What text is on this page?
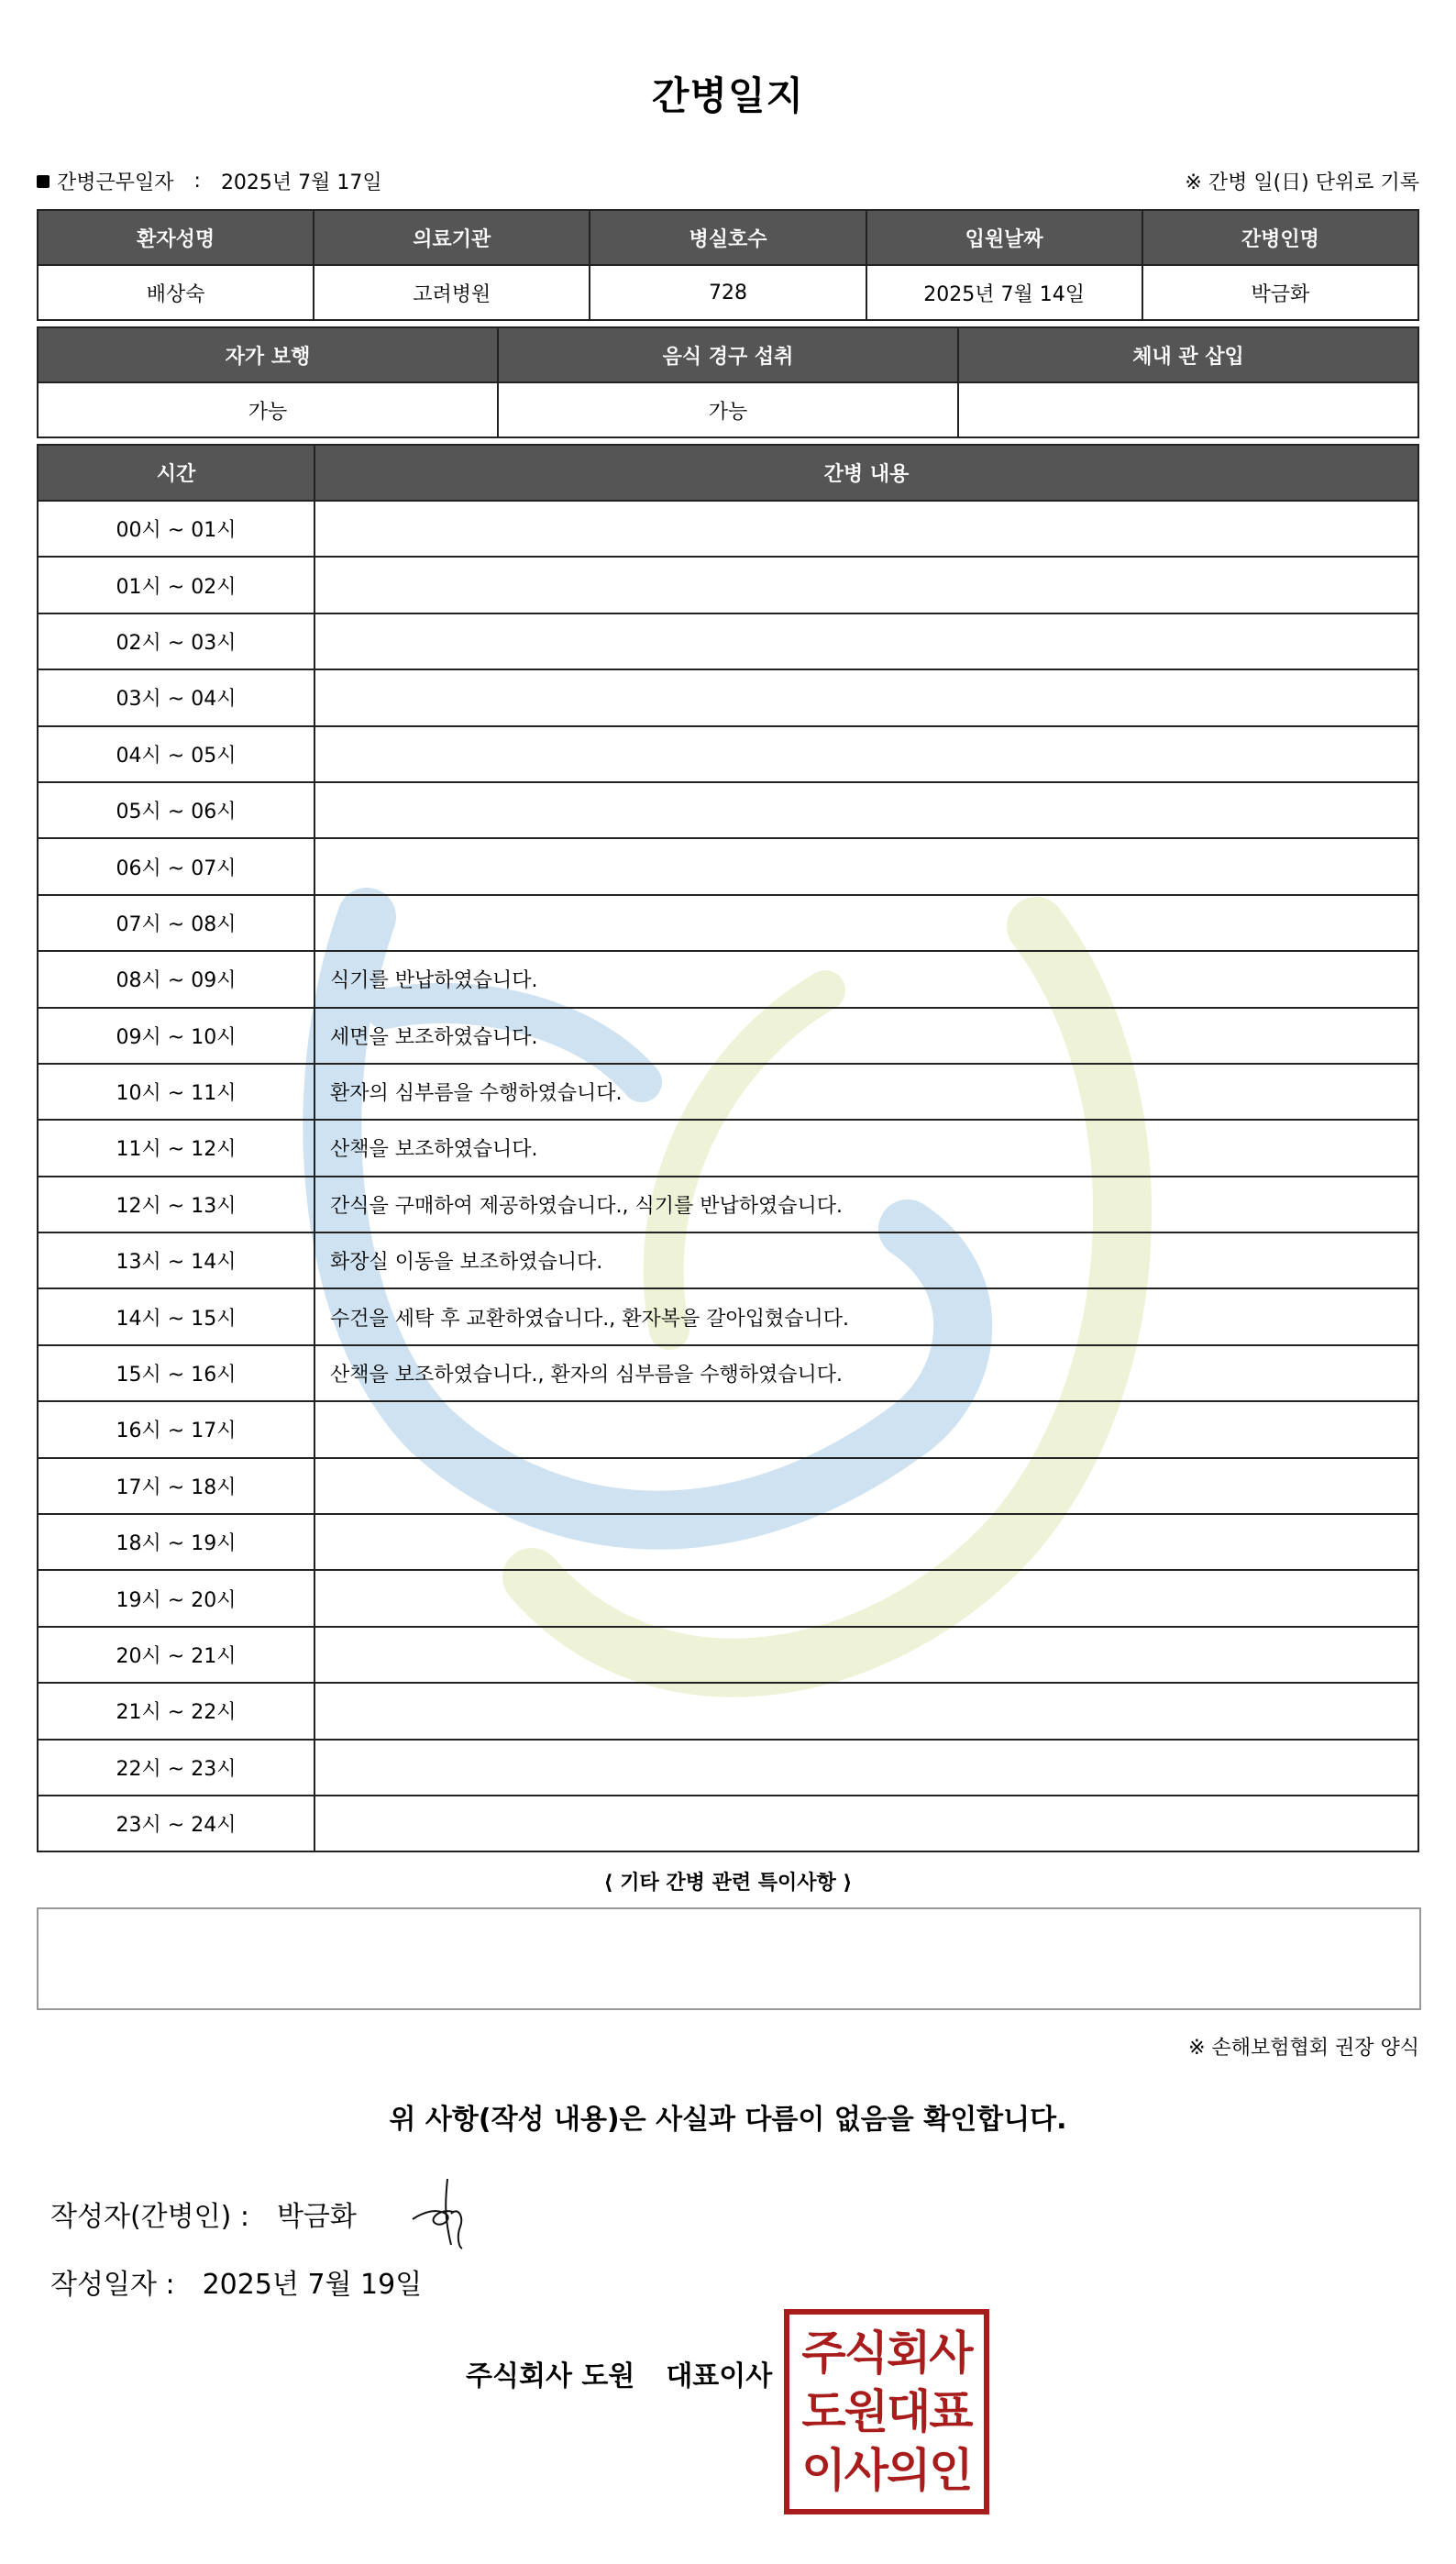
간병일지
간병근무일자 : 2025년 7월 17일	※ 간병 일(日) 단위로 기록
환자성명	의료기관	병실호수	입원날짜	간병인명
배상숙	고려병원	728	2025년 7월 14일	박금화
자가 보행	음식 경구 섭취	체내 관 삽입
가능	가능	
시간	간병 내용
00시 ~ 01시	
01시 ~ 02시	
02시 ~ 03시	
03시 ~ 04시	
04시 ~ 05시	
05시 ~ 06시	
06시 ~ 07시	
07시 ~ 08시	
08시 ~ 09시	식기를 반납하였습니다.
09시 ~ 10시	세면을 보조하였습니다.
10시 ~ 11시	환자의 심부름을 수행하였습니다.
11시 ~ 12시	산책을 보조하였습니다.
12시 ~ 13시	간식을 구매하여 제공하였습니다., 식기를 반납하였습니다.
13시 ~ 14시	화장실 이동을 보조하였습니다.
14시 ~ 15시	수건을 세탁 후 교환하였습니다., 환자복을 갈아입혔습니다.
15시 ~ 16시	산책을 보조하였습니다., 환자의 심부름을 수행하였습니다.
16시 ~ 17시	
17시 ~ 18시	
18시 ~ 19시	
19시 ~ 20시	
20시 ~ 21시	
21시 ~ 22시	
22시 ~ 23시	
23시 ~ 24시	
⟨ 기타 간병 관련 특이사항 ⟩
※ 손해보험협회 권장 양식
위 사항(작성 내용)은 사실과 다름이 없음을 확인합니다.
작성자(간병인) : 박금화
작성일자 : 2025년 7월 19일
주식회사 도원 대표이사 주식회사
도원대표
이사의인
